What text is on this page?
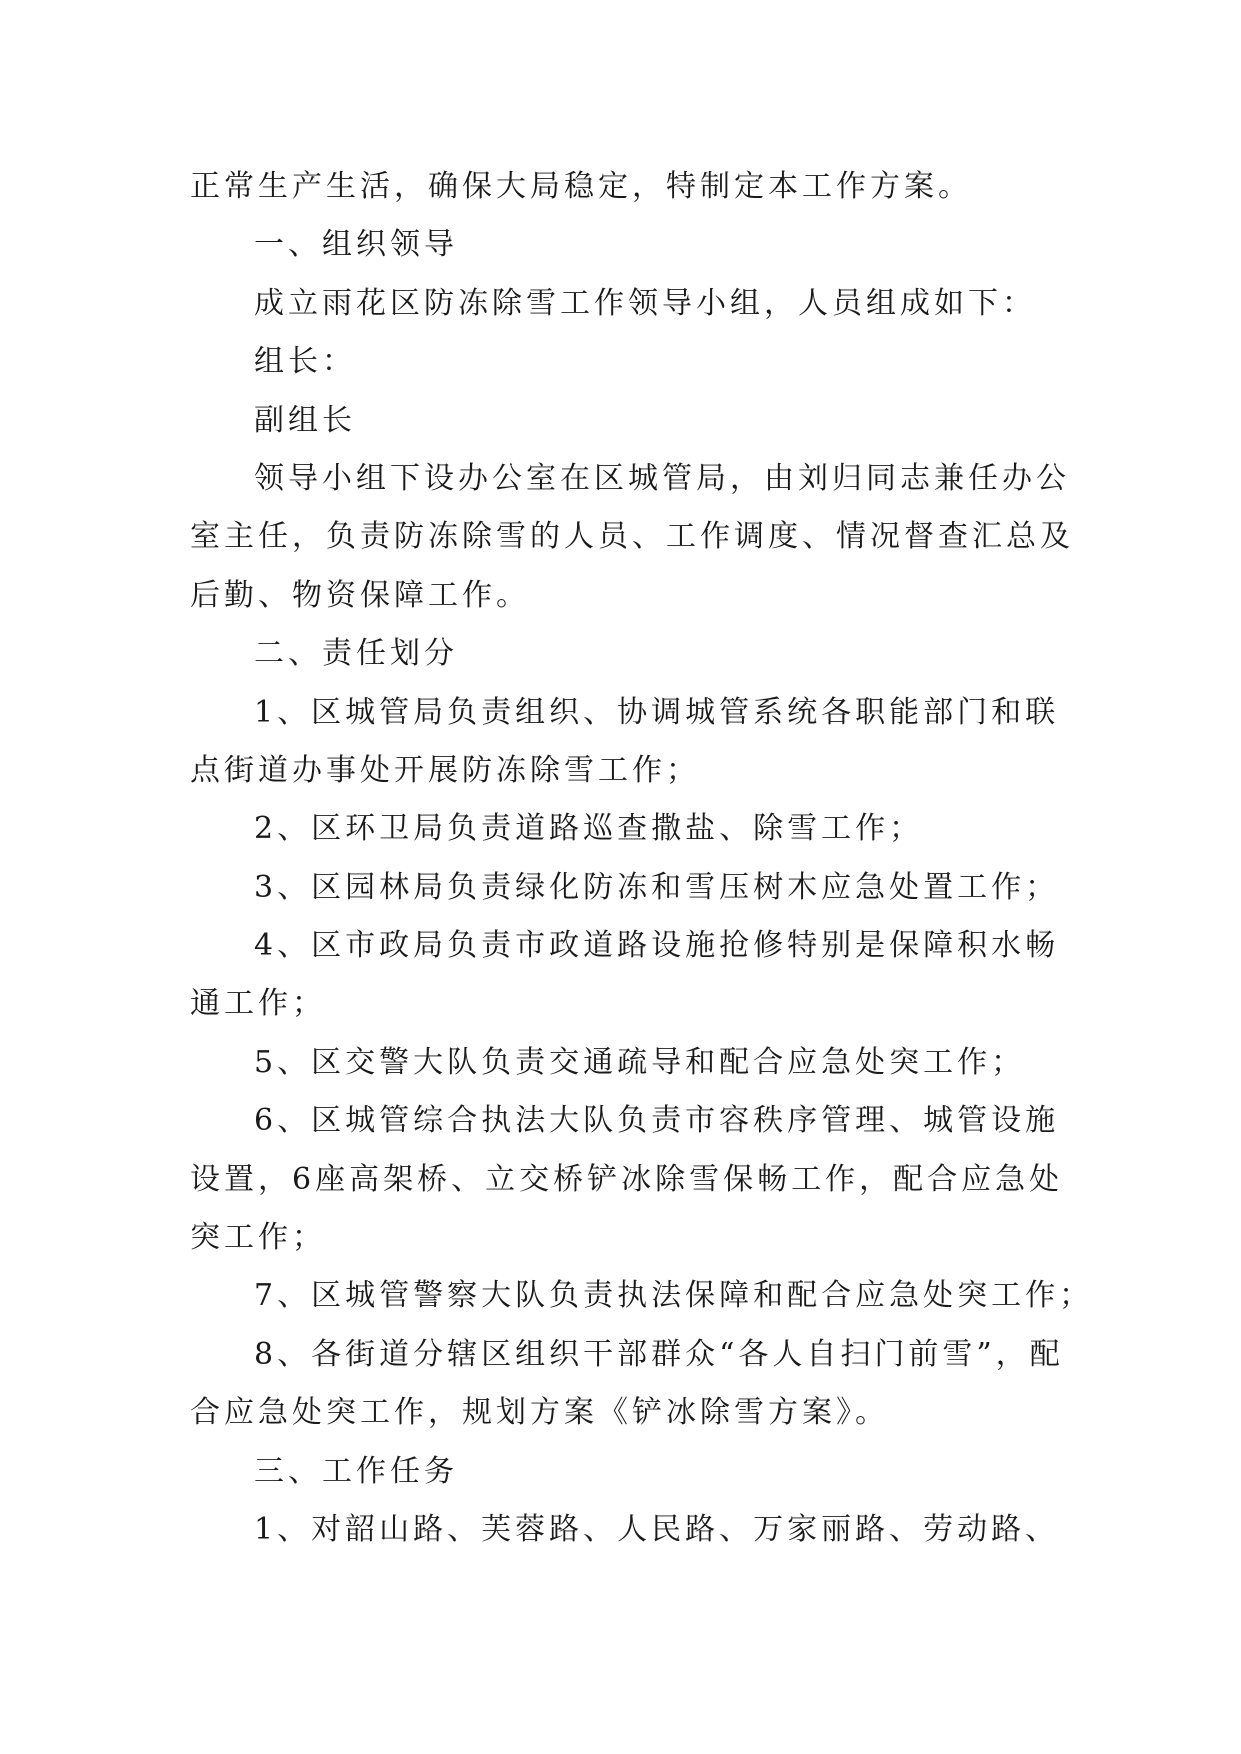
正常生产生活，确保大局稳定，特制定本工作方案。
一、组织领导
成立雨花区防冻除雪工作领导小组，人员组成如下：
组长：
副组长
领导小组下设办公室在区城管局，由刘归同志兼任办公
室主任，负责防冻除雪的人员、工作调度、情况督查汇总及
后勤、物资保障工作。
二、责任划分
1、区城管局负责组织、协调城管系统各职能部门和联
点街道办事处开展防冻除雪工作；
2、区环卫局负责道路巡查撒盐、除雪工作；
3、区园林局负责绿化防冻和雪压树木应急处置工作；
4、区市政局负责市政道路设施抢修特别是保障积水畅
通工作；
5、区交警大队负责交通疏导和配合应急处突工作；
6、区城管综合执法大队负责市容秩序管理、城管设施
设置，6座高架桥、立交桥铲冰除雪保畅工作，配合应急处
突工作；
7、区城管警察大队负责执法保障和配合应急处突工作；
8、各街道分辖区组织干部群众“各人自扫门前雪”，配
合应急处突工作，规划方案《铲冰除雪方案》。
三、工作任务
1、对韶山路、芙蓉路、人民路、万家丽路、劳动路、
